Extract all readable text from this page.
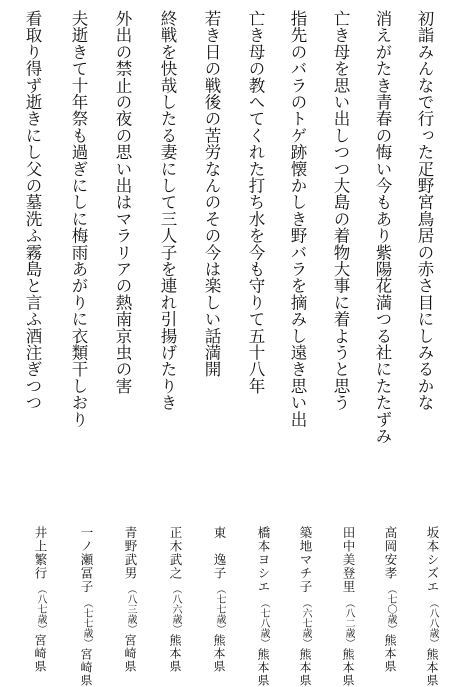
初詣みんなで行った疋野宮鳥居の赤さ目にしみるかな
坂本シズエ（八八歳）熊本県
消えがたき青春の悔い今もあり紫陽花満つる社にたたずみ
高岡安孝（七〇歳）熊本県
亡き母を思い出しつつ大島の着物大事に着ようと思う
田中美登里（八二歳）熊本県
指先のバラのトゲ跡懐かしき野バラを摘みし遠き思い出
築地マチ子（六七歳）熊本県
亡き母の教へてくれた打ち水を今も守りて五十八年
橋本ヨシエ（七八歳）熊本県
若き日の戦後の苦労なんのその今は楽しい話満開
東　逸子（七七歳）熊本県
終戦を快哉したる妻にして三人子を連れ引揚げたりき
正木武之（八六歳）熊本県
外出の禁止の夜の思い出はマラリアの熱南京虫の害
青野武男（八三歳）宮崎県
夫逝きて十年祭も過ぎにしに梅雨あがりに衣類干しおり
一ノ瀬冨子（七七歳）宮崎県
看取り得ず逝きにし父の墓洗ふ霧島と言ふ酒注ぎつつ
井上繁行（八七歳）宮崎県
